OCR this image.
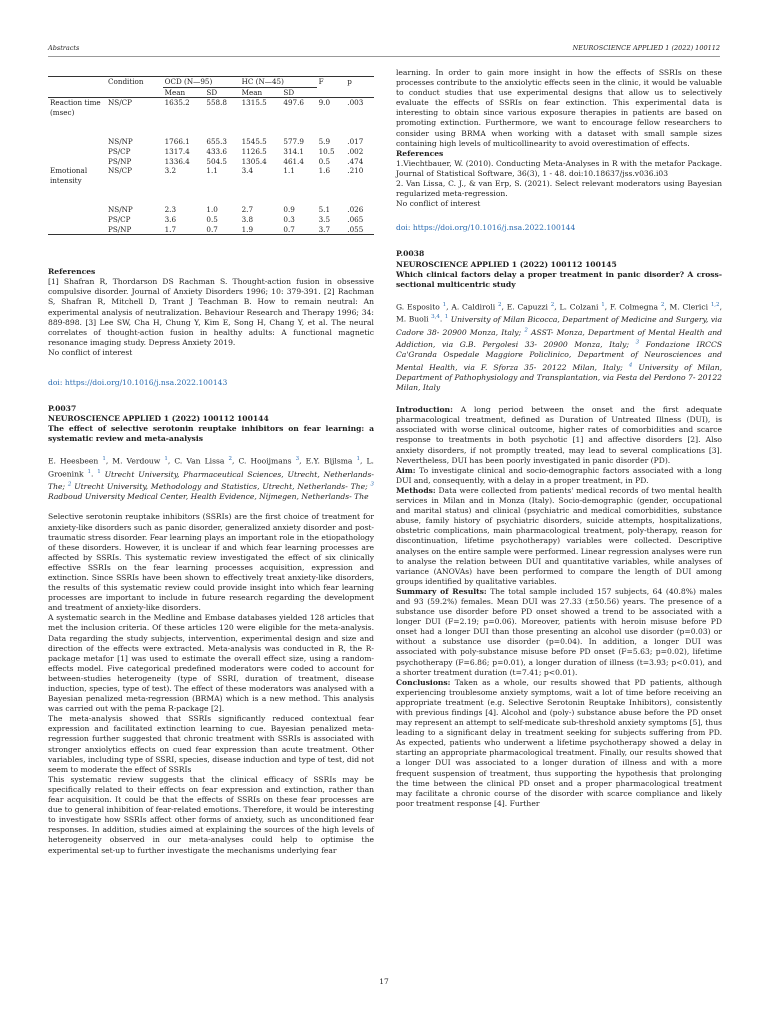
Abstracts	NEUROSCIENCE APPLIED 1 (2022) 100112
	Condition	OCD (N—95)		HC (N—45)		F	p
		Mean	SD	Mean	SD		
Reaction time (msec)	NS/CP	1635.2	558.8	1315.5	497.6	9.0	.003

	NS/NP	1766.1	655.3	1545.5	577.9	5.9	.017
	PS/CP	1317.4	433.6	1126.5	314.1	10.5	.002
	PS/NP	1336.4	504.5	1305.4	461.4	0.5	.474
Emotional intensity	NS/CP	3.2	1.1	3.4	1.1	1.6	.210

	NS/NP	2.3	1.0	2.7	0.9	5.1	.026
	PS/CP	3.6	0.5	3.8	0.3	3.5	.065
	PS/NP	1.7	0.7	1.9	0.7	3.7	.055

References

[1] Shafran R, Thordarson DS Rachman S. Thought-action fusion in obsessive compulsive disorder. Journal of Anxiety Disorders 1996; 10: 379-391. [2] Rachman S, Shafran R, Mitchell D, Trant J Teachman B. How to remain neutral: An experimental analysis of neutralization. Behaviour Research and Therapy 1996; 34: 889-898. [3] Lee SW, Cha H, Chung Y, Kim E, Song H, Chang Y, et al. The neural correlates of thought-action fusion in healthy adults: A functional magnetic resonance imaging study. Depress Anxiety 2019.

No conflict of interest

doi: https://doi.org/10.1016/j.nsa.2022.100143

P.0037

NEUROSCIENCE APPLIED 1 (2022) 100112 100144

The effect of selective serotonin reuptake inhibitors on fear learning: a systematic review and meta-analysis

E. Heesbeen $^1$, M. Verdouw $^1$, C. Van Lissa $^2$, C. Hooijmans $^3$, E.Y. Bijlsma $^1$, L. Groenink $^1$. $^1$ Utrecht University, Pharmaceutical Sciences, Utrecht, Netherlands-The; $^2$ Utrecht University, Methodology and Statistics, Utrecht, Netherlands- The; $^3$ Radboud University Medical Center, Health Evidence, Nijmegen, Netherlands- The

Selective serotonin reuptake inhibitors (SSRIs) are the first choice of treatment for anxiety-like disorders such as panic disorder, generalized anxiety disorder and post-traumatic stress disorder. Fear learning plays an important role in the etiopathology of these disorders. However, it is unclear if and which fear learning processes are affected by SSRIs. This systematic review investigated the effect of six clinically effective SSRIs on the fear learning processes acquisition, expression and extinction. Since SSRIs have been shown to effectively treat anxiety-like disorders, the results of this systematic review could provide insight into which fear learning processes are important to include in future research regarding the development and treatment of anxiety-like disorders.

A systematic search in the Medline and Embase databases yielded 128 articles that met the inclusion criteria. Of these articles 120 were eligible for the meta-analysis. Data regarding the study subjects, intervention, experimental design and size and direction of the effects were extracted. Meta-analysis was conducted in R, the R-package metafor [1] was used to estimate the overall effect size, using a random-effects model. Five categorical predefined moderators were coded to account for between-studies heterogeneity (type of SSRI, duration of treatment, disease induction, species, type of test). The effect of these moderators was analysed with a Bayesian penalized meta-regression (BRMA) which is a new method. This analysis was carried out with the pema R-package [2].

The meta-analysis showed that SSRIs significantly reduced contextual fear expression and facilitated extinction learning to cue. Bayesian penalized meta-regression further suggested that chronic treatment with SSRIs is associated with stronger anxiolytics effects on cued fear expression than acute treatment. Other variables, including type of SSRI, species, disease induction and type of test, did not seem to moderate the effect of SSRIs

This systematic review suggests that the clinical efficacy of SSRIs may be specifically related to their effects on fear expression and extinction, rather than fear acquisition. It could be that the effects of SSRIs on these fear processes are due to general inhibition of fear-related emotions. Therefore, it would be interesting to investigate how SSRIs affect other forms of anxiety, such as unconditioned fear responses. In addition, studies aimed at explaining the sources of the high levels of heterogeneity observed in our meta-analyses could help to optimise the experimental set-up to further investigate the mechanisms underlying fear

learning. In order to gain more insight in how the effects of SSRIs on these processes contribute to the anxiolytic effects seen in the clinic, it would be valuable to conduct studies that use experimental designs that allow us to selectively evaluate the effects of SSRIs on fear extinction. This experimental data is interesting to obtain since various exposure therapies in patients are based on promoting extinction. Furthermore, we want to encourage fellow researchers to consider using BRMA when working with a dataset with small sample sizes containing high levels of multicollinearity to avoid overestimation of effects.

References

1.Viechtbauer, W. (2010). Conducting Meta-Analyses in R with the metafor Package. Journal of Statistical Software, 36(3), 1 - 48. doi:10.18637/jss.v036.i03

2. Van Lissa, C. J., & van Erp, S. (2021). Select relevant moderators using Bayesian regularized meta-regression.

No conflict of interest

doi: https://doi.org/10.1016/j.nsa.2022.100144

P.0038

NEUROSCIENCE APPLIED 1 (2022) 100112 100145

Which clinical factors delay a proper treatment in panic disorder? A cross-sectional multicentric study

G. Esposito $^1$, A. Caldiroli $^2$, E. Capuzzi $^2$, L. Colzani $^1$, F. Colmegna $^2$, M. Clerici $^{1,2}$, M. Buoli $^{3,4}$. $^1$ University of Milan Bicocca, Department of Medicine and Surgery, via Cadore 38- 20900 Monza, Italy; $^2$ ASST- Monza, Department of Mental Health and Addiction, via G.B. Pergolesi 33- 20900 Monza, Italy; $^3$ Fondazione IRCCS Ca'Granda Ospedale Maggiore Policlinico, Department of Neurosciences and Mental Health, via F. Sforza 35- 20122 Milan, Italy; $^4$ University of Milan, Department of Pathophysiology and Transplantation, via Festa del Perdono 7- 20122 Milan, Italy

Introduction: A long period between the onset and the first adequate pharmacological treatment, defined as Duration of Untreated Illness (DUI), is associated with worse clinical outcome, higher rates of comorbidities and scarce response to treatments in both psychotic [1] and affective disorders [2]. Also anxiety disorders, if not promptly treated, may lead to several complications [3]. Nevertheless, DUI has been poorly investigated in panic disorder (PD).

Aim: To investigate clinical and socio-demographic factors associated with a long DUI and, consequently, with a delay in a proper treatment, in PD.

Methods: Data were collected from patients' medical records of two mental health services in Milan and in Monza (Italy). Socio-demographic (gender, occupational and marital status) and clinical (psychiatric and medical comorbidities, substance abuse, family history of psychiatric disorders, suicide attempts, hospitalizations, obstetric complications, main pharmacological treatment, poly-therapy, reason for discontinuation, lifetime psychotherapy) variables were collected. Descriptive analyses on the entire sample were performed. Linear regression analyses were run to analyse the relation between DUI and quantitative variables, while analyses of variance (ANOVAs) have been performed to compare the length of DUI among groups identified by qualitative variables.

Summary of Results: The total sample included 157 subjects, 64 (40.8%) males and 93 (59.2%) females. Mean DUI was 27.33 (±50.56) years. The presence of a substance use disorder before PD onset showed a trend to be associated with a longer DUI (F=2.19; p=0.06). Moreover, patients with heroin misuse before PD onset had a longer DUI than those presenting an alcohol use disorder (p=0.03) or without a substance use disorder (p=0.04). In addition, a longer DUI was associated with poly-substance misuse before PD onset (F=5.63; p=0.02), lifetime psychotherapy (F=6.86; p=0.01), a longer duration of illness (t=3.93; p<0.01), and a shorter treatment duration (t=7.41; p<0.01).

Conclusions: Taken as a whole, our results showed that PD patients, although experiencing troublesome anxiety symptoms, wait a lot of time before receiving an appropriate treatment (e.g. Selective Serotonin Reuptake Inhibitors), consistently with previous findings [4]. Alcohol and (poly-) substance abuse before the PD onset may represent an attempt to self-medicate sub-threshold anxiety symptoms [5], thus leading to a significant delay in treatment seeking for subjects suffering from PD. As expected, patients who underwent a lifetime psychotherapy showed a delay in starting an appropriate pharmacological treatment. Finally, our results showed that a longer DUI was associated to a longer duration of illness and with a more frequent suspension of treatment, thus supporting the hypothesis that prolonging the time between the clinical PD onset and a proper pharmacological treatment may facilitate a chronic course of the disorder with scarce compliance and likely poor treatment response [4]. Further

17
